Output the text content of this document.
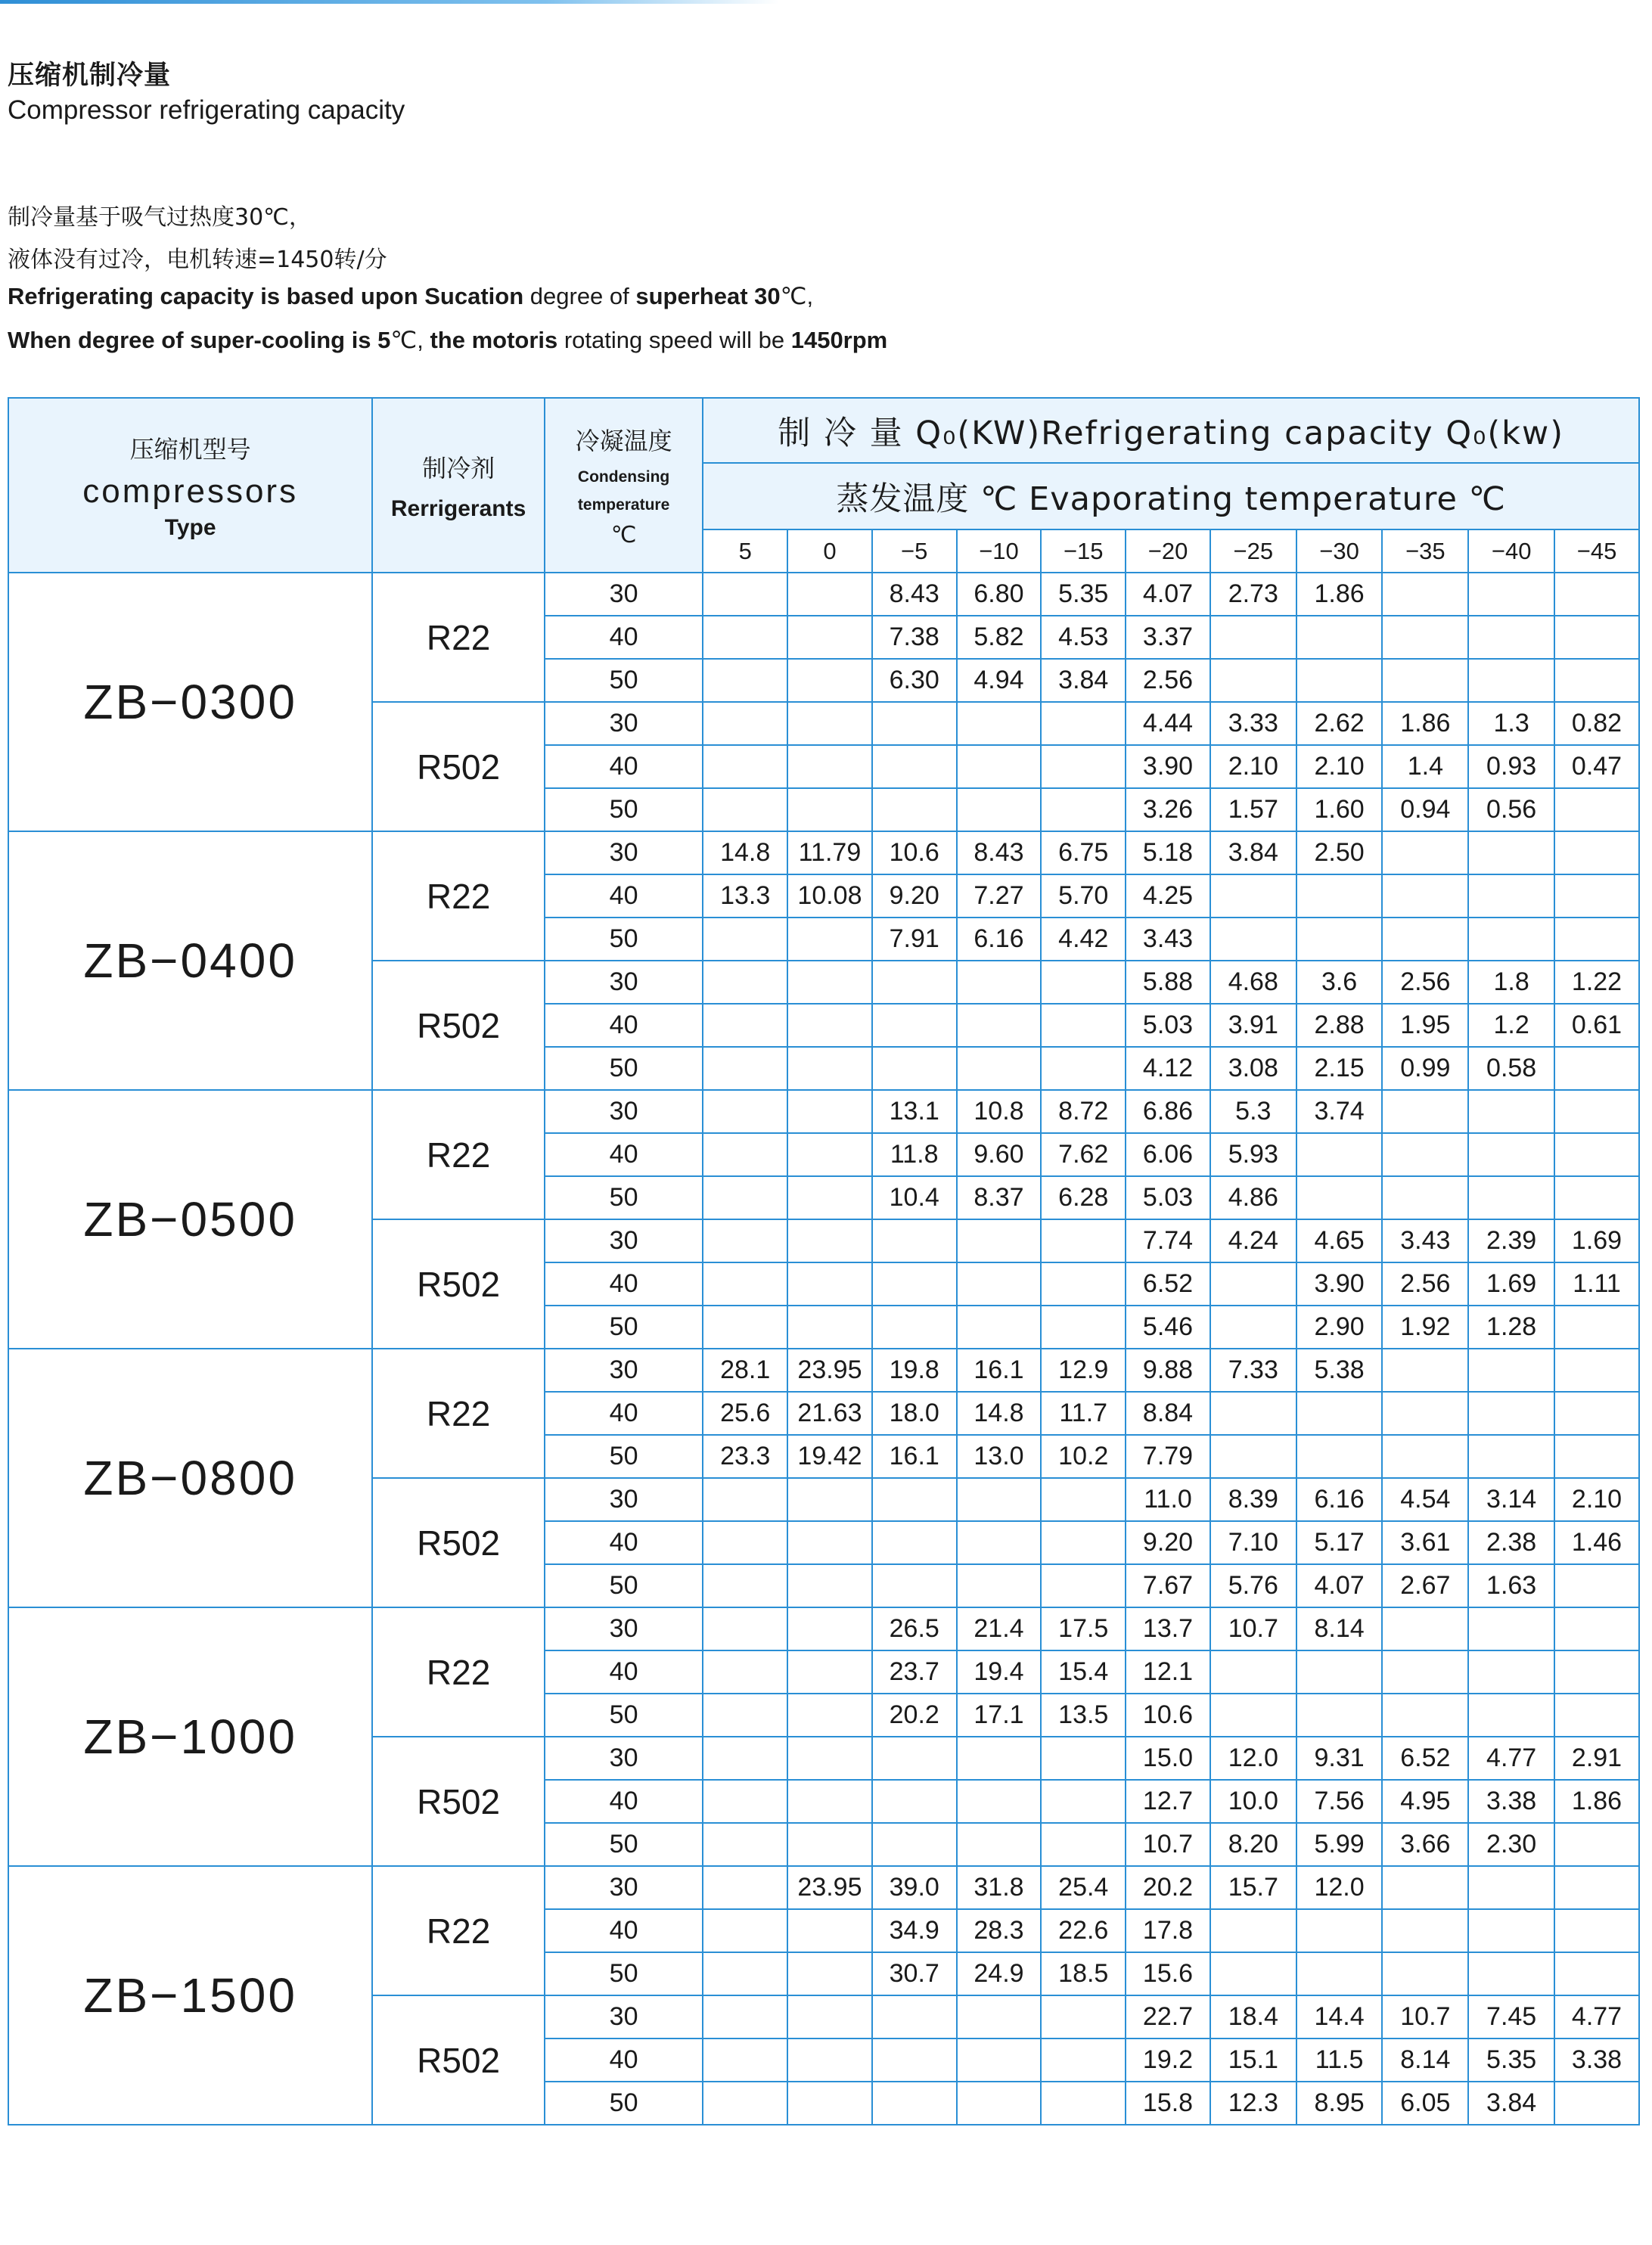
压缩机制冷量
Compressor refrigerating capacity
制冷量基于吸气过热度30℃，
液体没有过冷，电机转速=1450转/分
Refrigerating capacity is based upon Sucation degree of superheat 30℃,
When degree of super-cooling is 5℃, the motoris rotating speed will be 1450rpm
压缩机型号
compressors
Type	制冷剂
Rerrigerants	冷凝温度
Condensing
temperature
℃	制 冷 量 Q₀(KW)Refrigerating capacity Q₀(kw)										
			蒸发温度 ℃ Evaporating temperature ℃										
			5	0	−5	−10	−15	−20	−25	−30	−35	−40	−45
ZB−0300	R22	30			8.43	6.80	5.35	4.07	2.73	1.86			
		40			7.38	5.82	4.53	3.37					
		50			6.30	4.94	3.84	2.56					
	R502	30						4.44	3.33	2.62	1.86	1.3	0.82
		40						3.90	2.10	2.10	1.4	0.93	0.47
		50						3.26	1.57	1.60	0.94	0.56	
ZB−0400	R22	30	14.8	11.79	10.6	8.43	6.75	5.18	3.84	2.50			
		40	13.3	10.08	9.20	7.27	5.70	4.25					
		50			7.91	6.16	4.42	3.43					
	R502	30						5.88	4.68	3.6	2.56	1.8	1.22
		40						5.03	3.91	2.88	1.95	1.2	0.61
		50						4.12	3.08	2.15	0.99	0.58	
ZB−0500	R22	30			13.1	10.8	8.72	6.86	5.3	3.74			
		40			11.8	9.60	7.62	6.06	5.93				
		50			10.4	8.37	6.28	5.03	4.86				
	R502	30						7.74	4.24	4.65	3.43	2.39	1.69
		40						6.52		3.90	2.56	1.69	1.11
		50						5.46		2.90	1.92	1.28	
ZB−0800	R22	30	28.1	23.95	19.8	16.1	12.9	9.88	7.33	5.38			
		40	25.6	21.63	18.0	14.8	11.7	8.84					
		50	23.3	19.42	16.1	13.0	10.2	7.79					
	R502	30						11.0	8.39	6.16	4.54	3.14	2.10
		40						9.20	7.10	5.17	3.61	2.38	1.46
		50						7.67	5.76	4.07	2.67	1.63	
ZB−1000	R22	30			26.5	21.4	17.5	13.7	10.7	8.14			
		40			23.7	19.4	15.4	12.1					
		50			20.2	17.1	13.5	10.6					
	R502	30						15.0	12.0	9.31	6.52	4.77	2.91
		40						12.7	10.0	7.56	4.95	3.38	1.86
		50						10.7	8.20	5.99	3.66	2.30	
ZB−1500	R22	30		23.95	39.0	31.8	25.4	20.2	15.7	12.0			
		40			34.9	28.3	22.6	17.8					
		50			30.7	24.9	18.5	15.6					
	R502	30						22.7	18.4	14.4	10.7	7.45	4.77
		40						19.2	15.1	11.5	8.14	5.35	3.38
		50						15.8	12.3	8.95	6.05	3.84	
